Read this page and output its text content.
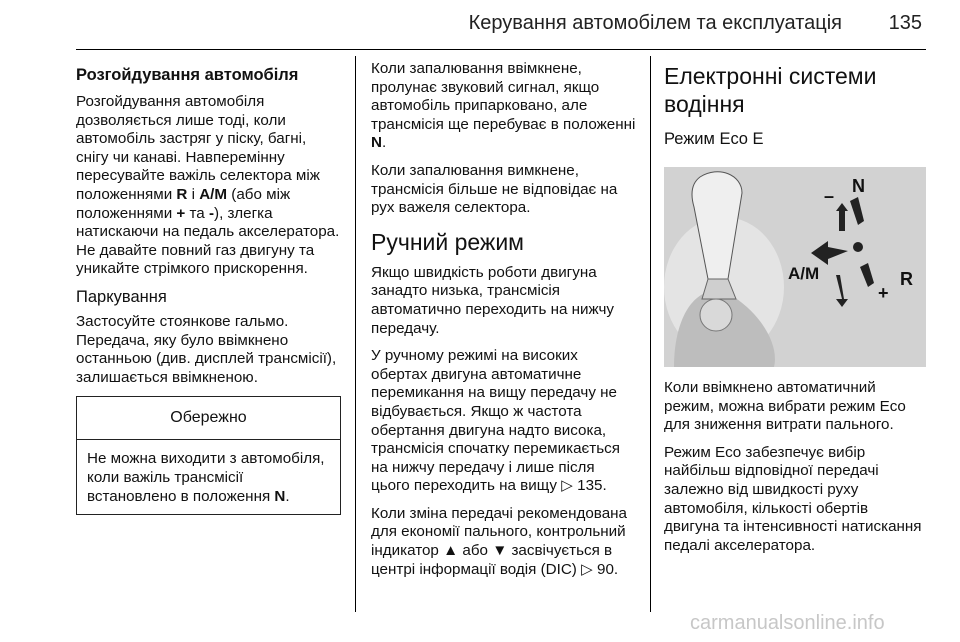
Керування автомобілем та експлуатація 135
Розгойдування автомобіля

Розгойдування автомобіля дозволяється лише тоді, коли автомобіль застряг у піску, багні, снігу чи канаві. Навперемінну пересувайте важіль селектора між положеннями R і A/M (або між положеннями + та -), злегка натискаючи на педаль акселератора. Не давайте повний газ двигуну та уникайте стрімкого прискорення.

Паркування

Застосуйте стоянкове гальмо. Передача, яку було ввімкнено останньою (див. дисплей трансмісії), залишається ввімкненою.

Обережно

Не можна виходити з автомобіля, коли важіль трансмісії встановлено в положення N.

Коли запалювання ввімкнене, пролунає звуковий сигнал, якщо автомобіль припарковано, але трансмісія ще перебуває в положенні N.

Коли запалювання вимкнене, трансмісія більше не відповідає на рух важеля селектора.

Ручний режим

Якщо швидкість роботи двигуна занадто низька, трансмісія автоматично переходить на нижчу передачу.

У ручному режимі на високих обертах двигуна автоматичне перемикання на вищу передачу не відбувається. Якщо ж частота обертання двигуна надто висока, трансмісія спочатку перемикається на нижчу передачу і лише після цього переходить на вищу ▷ 135.

Коли зміна передачі рекомендована для економії пального, контрольний індикатор ▲ або ▼ засвічується в центрі інформації водія (DIC) ▷ 90.

Електронні системи водіння
Режим Eco E
N
–
A/M
+
R

Коли ввімкнено автоматичний режим, можна вибрати режим Eco для зниження витрати пального.

Режим Eco забезпечує вибір найбільш відповідної передачі залежно від швидкості руху автомобіля, кількості обертів двигуна та інтенсивності натискання педалі акселератора.

carmanualsonline.info
